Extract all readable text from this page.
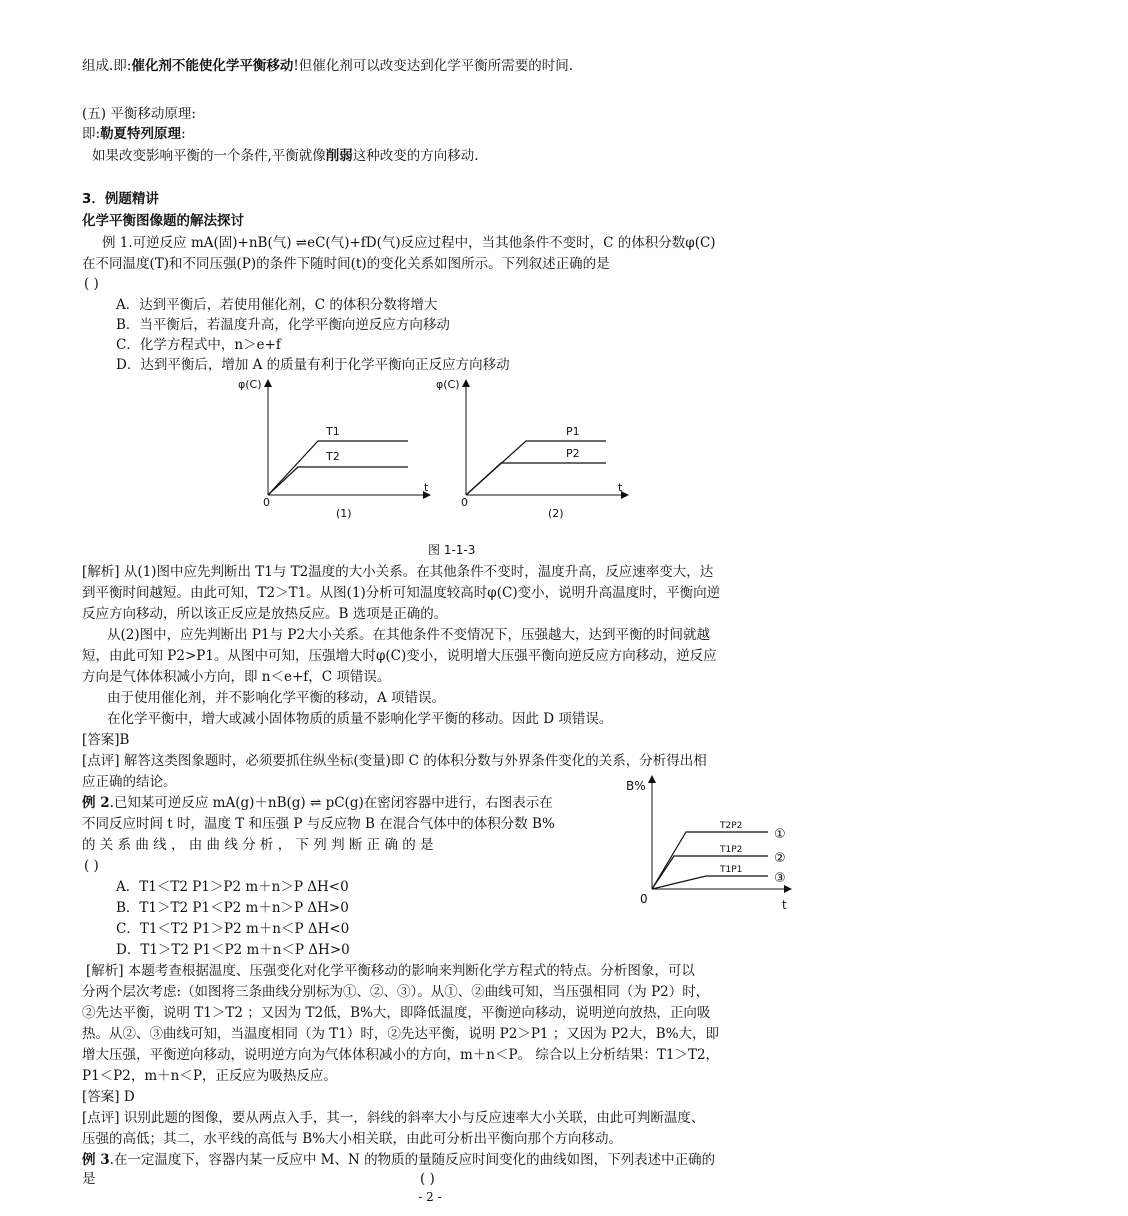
组成.即:催化剂不能使化学平衡移动!但催化剂可以改变达到化学平衡所需要的时间.
(五) 平衡移动原理:
即:勒夏特列原理:
如果改变影响平衡的一个条件,平衡就像削弱这种改变的方向移动.
3．例题精讲
化学平衡图像题的解法探讨
例 1.可逆反应 mA(固)+nB(气) ⇌eC(气)+fD(气)反应过程中，当其他条件不变时，C 的体积分数φ(C)
在不同温度(T)和不同压强(P)的条件下随时间(t)的变化关系如图所示。下列叙述正确的是
( )
A．达到平衡后，若使用催化剂，C 的体积分数将增大
B．当平衡后，若温度升高，化学平衡向逆反应方向移动
C．化学方程式中，n＞e+f
D．达到平衡后，增加 A 的质量有利于化学平衡向正反应方向移动
φ(C)
t
0
T1
T2
(1)
φ(C)
t
0
P1
P2
(2)
图 1-1-3
[解析] 从(1)图中应先判断出 T1与 T2温度的大小关系。在其他条件不变时，温度升高，反应速率变大，达
到平衡时间越短。由此可知，T2＞T1。从图(1)分析可知温度较高时φ(C)变小，说明升高温度时，平衡向逆
反应方向移动，所以该正反应是放热反应。B 选项是正确的。
从(2)图中，应先判断出 P1与 P2大小关系。在其他条件不变情况下，压强越大，达到平衡的时间就越
短，由此可知 P2>P1。从图中可知，压强增大时φ(C)变小，说明增大压强平衡向逆反应方向移动，逆反应
方向是气体体积减小方向，即 n＜e+f，C 项错误。
由于使用催化剂，并不影响化学平衡的移动，A 项错误。
在化学平衡中，增大或减小固体物质的质量不影响化学平衡的移动。因此 D 项错误。
[答案]B
[点评] 解答这类图象题时，必须要抓住纵坐标(变量)即 C 的体积分数与外界条件变化的关系，分析得出相
应正确的结论。
例 2.已知某可逆反应 mA(g)＋nB(g) ⇌ pC(g)在密闭容器中进行，右图表示在
不同反应时间 t 时，温度 T 和压强 P 与反应物 B 在混合气体中的体积分数 B%
的 关 系 曲 线 ， 由 曲 线 分 析 ， 下 列 判 断 正 确 的 是
( )
A．T1＜T2 P1＞P2 m＋n＞P ΔH<0
B．T1＞T2 P1＜P2 m＋n＞P ΔH>0
C．T1＜T2 P1＞P2 m＋n＜P ΔH<0
D．T1＞T2 P1＜P2 m＋n＜P ΔH>0
B%
t
0
T2P2
T1P2
T1P1
①
②
③
[解析] 本题考查根据温度、压强变化对化学平衡移动的影响来判断化学方程式的特点。分析图象，可以
分两个层次考虑:（如图将三条曲线分别标为①、②、③）。从①、②曲线可知，当压强相同（为 P2）时，
②先达平衡，说明 T1＞T2 ；又因为 T2低，B%大，即降低温度，平衡逆向移动，说明逆向放热，正向吸
热。从②、③曲线可知，当温度相同（为 T1）时，②先达平衡，说明 P2＞P1 ；又因为 P2大，B%大，即
增大压强，平衡逆向移动，说明逆方向为气体体积减小的方向，m＋n＜P。 综合以上分析结果：T1＞T2，
P1＜P2，m＋n＜P，正反应为吸热反应。
[答案] D
[点评] 识别此题的图像，要从两点入手，其一，斜线的斜率大小与反应速率大小关联，由此可判断温度、
压强的高低；其二，水平线的高低与 B%大小相关联，由此可分析出平衡向那个方向移动。
例 3.在一定温度下，容器内某一反应中 M、N 的物质的量随反应时间变化的曲线如图，下列表述中正确的
是	( )
- 2 -
